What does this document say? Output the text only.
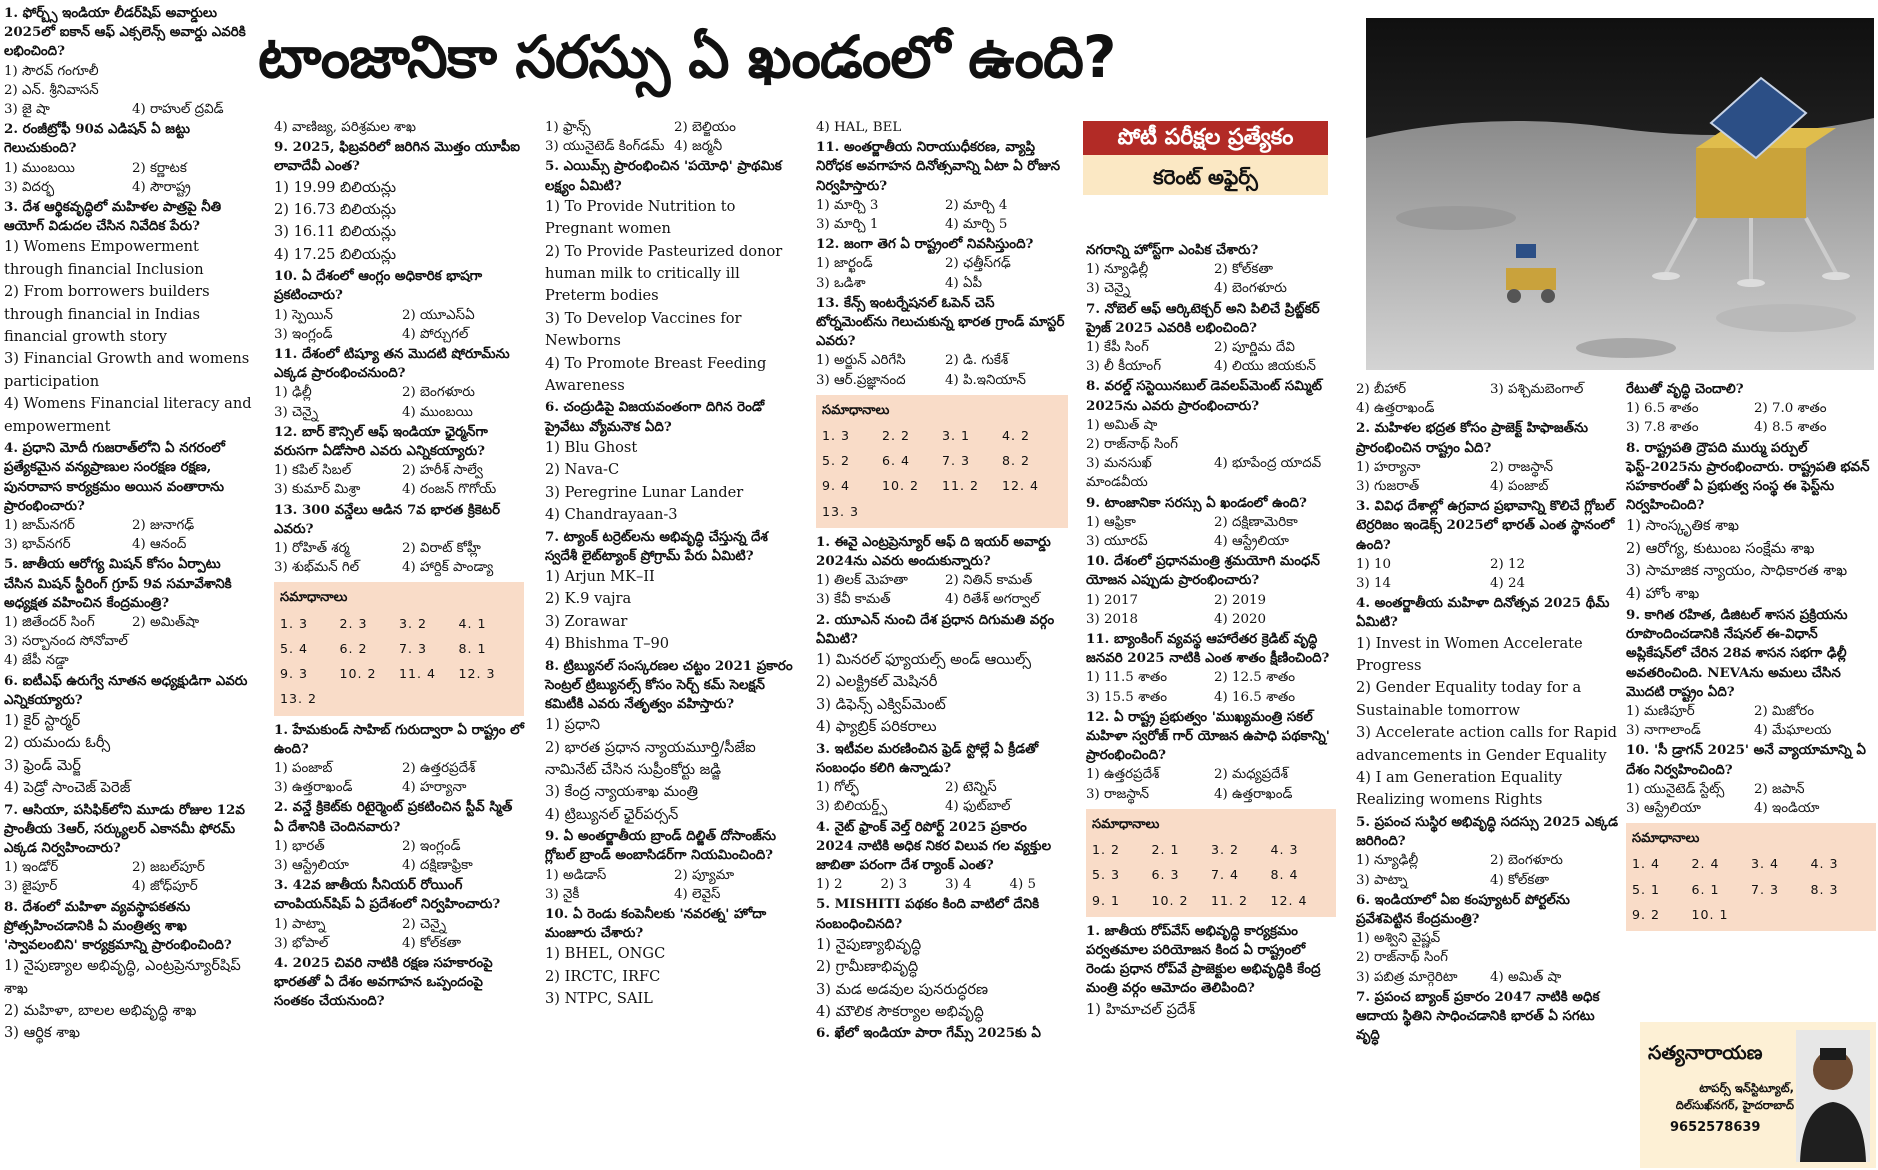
టాంజానికా సరస్సు ఏ ఖండంలో ఉంది?
1. ఫోర్బ్స్ ఇండియా లీడర్‌షిప్ అవార్డులు 2025లో ఐకాన్ ఆఫ్ ఎక్సలెన్స్ అవార్డు ఎవరికి లభించింది?
1) సౌరవ్ గంగూలీ
2) ఎన్. శ్రీనివాసన్
3) జై షా	4) రాహుల్ ద్రవిడ్
2. రంజీట్రోఫీ 90వ ఎడిషన్ ఏ జట్టు గెలుచుకుంది?
1) ముంబయి	2) కర్ణాటక
3) విదర్భ	4) సౌరాష్ట్ర
3. దేశ ఆర్థికవృద్ధిలో మహిళల పాత్రపై నీతి ఆయోగ్ విడుదల చేసిన నివేదిక పేరు?
1) Womens Empowerment through financial Inclusion
2) From borrowers builders through financial in Indias financial growth story
3) Financial Growth and womens participation
4) Womens Financial literacy and empowerment
4. ప్రధాని మోదీ గుజరాత్‌లోని ఏ నగరంలో ప్రత్యేకమైన వన్యప్రాణుల సంరక్షణ రక్షణ, పునరావాస కార్యక్రమం అయిన వంతారాను ప్రారంభించారు?
1) జామ్‌నగర్	2) జునాగఢ్
3) భావ్‌నగర్	4) ఆనంద్
5. జాతీయ ఆరోగ్య మిషన్ కోసం ఏర్పాటు చేసిన మిషన్ స్టీరింగ్ గ్రూప్ 9వ సమావేశానికి అధ్యక్షత వహించిన కేంద్రమంత్రి?
1) జితేందర్ సింగ్	2) అమిత్‌షా
3) సర్బానంద సోనోవాల్
4) జేపీ నడ్డా
6. ఐటీఎఫ్ ఉరుగ్వే నూతన అధ్యక్షుడిగా ఎవరు ఎన్నికయ్యారు?
1) కైర్ స్టార్మర్
2) యమందు ఓర్సీ
3) ఫ్రెండ్ మెర్జ్
4) పెడ్రో సాంచెజ్ పెరెజ్
7. ఆసియా, పసిఫిక్‌లోని మూడు రోజుల 12వ ప్రాంతీయ 3ఆర్, సర్క్యులర్ ఎకానమీ ఫోరమ్ ఎక్కడ నిర్వహించారు?
1) ఇండోర్	2) జబల్‌పూర్
3) జైపూర్	4) జోధ్‌పూర్
8. దేశంలో మహిళా వ్యవస్థాపకతను ప్రోత్సహించడానికి ఏ మంత్రిత్వ శాఖ 'స్వావలంబిని' కార్యక్రమాన్ని ప్రారంభించింది?
1) నైపుణ్యాల అభివృద్ధి, ఎంట్రప్రెన్యూర్‌షిప్ శాఖ
2) మహిళా, బాలల అభివృద్ధి శాఖ
3) ఆర్థిక శాఖ
4) వాణిజ్య, పరిశ్రమల శాఖ
9. 2025, ఫిబ్రవరిలో జరిగిన మొత్తం యూపీఐ లావాదేవీ ఎంత?
1) 19.99 బిలియన్లు
2) 16.73 బిలియన్లు
3) 16.11 బిలియన్లు
4) 17.25 బిలియన్లు
10. ఏ దేశంలో ఆంగ్లం అధికారిక భాషగా ప్రకటించారు?
1) స్పెయిన్	2) యూఎస్ఏ
3) ఇంగ్లండ్	4) పోర్చుగల్
11. దేశంలో టిష్యూ తన మొదటి షోరూమ్‌ను ఎక్కడ ప్రారంభించనుంది?
1) ఢిల్లీ	2) బెంగళూరు
3) చెన్నై	4) ముంబయి
12. బార్ కౌన్సిల్ ఆఫ్ ఇండియా ఛైర్మన్‌గా వరుసగా ఏడోసారి ఎవరు ఎన్నికయ్యారు?
1) కపిల్ సిబల్	2) హరీశ్ సాల్వే
3) కుమార్ మిశ్రా	4) రంజన్ గొగోయ్
13. 300 వన్డేలు ఆడిన 7వ భారత క్రికెటర్ ఎవరు?
1) రోహిత్ శర్మ	2) విరాట్ కోహ్లీ
3) శుభ్‌మన్ గిల్	4) హార్దిక్ పాండ్యా
సమాధానాలు
1. 3	2. 3	3. 2	4. 1
5. 4	6. 2	7. 3	8. 1
9. 3	10. 2	11. 4	12. 3
13. 2
1. హేమకుండ్ సాహిబ్ గురుద్వారా ఏ రాష్ట్రం లో ఉంది?
1) పంజాబ్	2) ఉత్తరప్రదేశ్
3) ఉత్తరాఖండ్	4) హర్యానా
2. వన్డే క్రికెట్‌కు రిటైర్మెంట్ ప్రకటించిన స్టీవ్ స్మిత్ ఏ దేశానికి చెందినవారు?
1) భారత్	2) ఇంగ్లండ్
3) ఆస్ట్రేలియా	4) దక్షిణాఫ్రికా
3. 42వ జాతీయ సీనియర్ రోయింగ్ చాంపియన్‌షిప్ ఏ ప్రదేశంలో నిర్వహించారు?
1) పాట్నా	2) చెన్నై
3) భోపాల్	4) కోల్‌కతా
4. 2025 చివరి నాటికి రక్షణ సహకారంపై భారతతో ఏ దేశం అవగాహన ఒప్పందంపై సంతకం చేయనుంది?
1) ఫ్రాన్స్	2) బెల్జియం
3) యునైటెడ్ కింగ్‌డమ్ 4) జర్మనీ
5. ఎయిమ్స్ ప్రారంభించిన 'పయోధి' ప్రాథమిక లక్ష్యం ఏమిటి?
1) To Provide Nutrition to Pregnant women
2) To Provide Pasteurized donor human milk to critically ill Preterm bodies
3) To Develop Vaccines for Newborns
4) To Promote Breast Feeding Awareness
6. చంద్రుడిపై విజయవంతంగా దిగిన రెండో ప్రైవేటు వ్యోమనౌక ఏది?
1) Blu Ghost
2) Nava-C
3) Peregrine Lunar Lander
4) Chandrayaan-3
7. ట్యాంక్ టర్రెట్‌లను అభివృద్ధి చేస్తున్న దేశ స్వదేశీ లైట్‌ట్యాంక్ ప్రోగ్రామ్ పేరు ఏమిటి?
1) Arjun MK–II
2) K.9 vajra
3) Zorawar
4) Bhishma T–90
8. ట్రిబ్యునల్ సంస్కరణల చట్టం 2021 ప్రకారం సెంట్రల్ ట్రిబ్యునల్స్ కోసం సెర్చ్ కమ్ సెలక్షన్ కమిటీకి ఎవరు నేతృత్వం వహిస్తారు?
1) ప్రధాని
2) భారత ప్రధాన న్యాయమూర్తి/సీజేఐ నామినేట్ చేసిన సుప్రీంకోర్టు జడ్జి
3) కేంద్ర న్యాయశాఖ మంత్రి
4) ట్రిబ్యునల్ ఛైర్‌పర్సన్
9. ఏ అంతర్జాతీయ బ్రాండ్ దిల్జిత్ దోసాంజ్‌ను గ్లోబల్ బ్రాండ్ అంబాసిడర్‌గా నియమించింది?
1) అడిడాస్	2) ప్యూమా
3) నైకీ	4) లెవైస్
10. ఏ రెండు కంపెనీలకు 'నవరత్న' హోదా మంజూరు చేశారు?
1) BHEL, ONGC
2) IRCTC, IRFC
3) NTPC, SAIL
4) HAL, BEL
11. అంతర్జాతీయ నిరాయుధీకరణ, వ్యాప్తి నిరోధక అవగాహన దినోత్సవాన్ని ఏటా ఏ రోజున నిర్వహిస్తారు?
1) మార్చి 3	2) మార్చి 4
3) మార్చి 1	4) మార్చి 5
12. జంగా తెగ ఏ రాష్ట్రంలో నివసిస్తుంది?
1) జార్ఖండ్	2) ఛత్తీస్‌గఢ్
3) ఒడిశా	4) ఏపీ
13. కేన్స్ ఇంటర్నేషనల్ ఓపెన్ చెస్ టోర్నమెంట్‌ను గెలుచుకున్న భారత గ్రాండ్ మాస్టర్ ఎవరు?
1) అర్జున్ ఎరిగేసి	2) డి. గుకేశ్
3) ఆర్.ప్రజ్ఞానంద	4) పి.ఇనియాన్
సమాధానాలు
1. 3	2. 2	3. 1	4. 2
5. 2	6. 4	7. 3	8. 2
9. 4	10. 2	11. 2	12. 4
13. 3
1. ఈవై ఎంట్రప్రెన్యూర్ ఆఫ్ ది ఇయర్ అవార్డు 2024ను ఎవరు అందుకున్నారు?
1) తిలక్ మెహతా	2) నితిన్ కామత్
3) కేవీ కామత్	4) రితేశ్ అగర్వాల్
2. యూఎన్ నుంచి దేశ ప్రధాన దిగుమతి వర్గం ఏమిటి?
1) మినరల్ ఫ్యూయల్స్ అండ్ ఆయిల్స్
2) ఎలక్ట్రికల్ మెషినరీ
3) డిఫెన్స్ ఎక్విప్‌మెంట్
4) ఫ్యాబ్రిక్ పరికరాలు
3. ఇటీవల మరణించిన ఫ్రెడ్ స్టోల్లే ఏ క్రీడతో సంబంధం కలిగి ఉన్నాడు?
1) గోల్ఫ్	2) టెన్నిస్
3) బిలియర్డ్స్	4) ఫుట్‌బాల్
4. నైట్ ఫ్రాంక్ వెల్త్ రిపోర్ట్ 2025 ప్రకారం 2024 నాటికి అధిక నికర విలువ గల వ్యక్తుల జాబితా పరంగా దేశ ర్యాంక్ ఎంత?
1) 2	2) 3	3) 4	4) 5
5. MISHITI పథకం కింది వాటిలో దేనికి సంబంధించినది?
1) నైపుణ్యాభివృద్ధి
2) గ్రామీణాభివృద్ధి
3) మడ అడవుల పునరుద్ధరణ
4) మౌలిక సౌకర్యాల అభివృద్ధి
6. ఖేలో ఇండియా పారా గేమ్స్ 2025కు ఏ
నగరాన్ని హోస్ట్‌గా ఎంపిక చేశారు?
1) న్యూఢిల్లీ	2) కోల్‌కతా
3) చెన్నై	4) బెంగళూరు
7. నోబెల్ ఆఫ్ ఆర్కిటెక్చర్ అని పిలిచే ప్రిట్జ్‌కర్ ప్రైజ్ 2025 ఎవరికి లభించింది?
1) కేపీ సింగ్	2) పూర్ణిమ దేవి
3) లీ కీయాంగ్	4) లియు జియకున్
8. వరల్డ్ సస్టెయినబుల్ డెవలప్‌మెంట్ సమ్మిట్ 2025ను ఎవరు ప్రారంభించారు?
1) అమిత్ షా
2) రాజ్‌నాథ్ సింగ్
3) మనసుఖ్ మాండవీయ
4) భూపేంద్ర యాదవ్
9. టాంజానికా సరస్సు ఏ ఖండంలో ఉంది?
1) ఆఫ్రికా	2) దక్షిణామెరికా
3) యూరప్	4) ఆస్ట్రేలియా
10. దేశంలో ప్రధానమంత్రి శ్రమయోగి మంధన్ యోజన ఎప్పుడు ప్రారంభించారు?
1) 2017	2) 2019
3) 2018	4) 2020
11. బ్యాంకింగ్ వ్యవస్థ ఆహారేతర క్రెడిట్ వృద్ధి జనవరి 2025 నాటికి ఎంత శాతం క్షీణించింది?
1) 11.5 శాతం	2) 12.5 శాతం
3) 15.5 శాతం	4) 16.5 శాతం
12. ఏ రాష్ట్ర ప్రభుత్వం 'ముఖ్యమంత్రి సకల్ మహిళా స్వరోజ్ గార్ యోజన ఉపాధి పథకాన్ని' ప్రారంభించింది?
1) ఉత్తరప్రదేశ్	2) మధ్యప్రదేశ్
3) రాజస్థాన్	4) ఉత్తరాఖండ్
సమాధానాలు
1. 2	2. 1	3. 2	4. 3
5. 3	6. 3	7. 4	8. 4
9. 1	10. 2	11. 2	12. 4
1. జాతీయ రోప్‌వేస్ అభివృద్ధి కార్యక్రమం పర్వతమాల పరియోజన కింద ఏ రాష్ట్రంలో రెండు ప్రధాన రోప్‌వే ప్రాజెక్టుల అభివృద్ధికి కేంద్ర మంత్రి వర్గం ఆమోదం తెలిపింది?
1) హిమాచల్ ప్రదేశ్
2) బీహార్	3) పశ్చిమబెంగాల్
4) ఉత్తరాఖండ్
2. మహిళల భద్రత కోసం ప్రాజెక్ట్ హిఫాజత్‌ను ప్రారంభించిన రాష్ట్రం ఏది?
1) హర్యానా	2) రాజస్థాన్
3) గుజరాత్	4) పంజాబ్
3. వివిధ దేశాల్లో ఉగ్రవాద ప్రభావాన్ని కొలిచే గ్లోబల్ టెర్రరిజం ఇండెక్స్ 2025లో భారత్ ఎంత స్థానంలో ఉంది?
1) 10	2) 12
3) 14	4) 24
4. అంతర్జాతీయ మహిళా దినోత్సవ 2025 థీమ్ ఏమిటి?
1) Invest in Women Accelerate Progress
2) Gender Equality today for a Sustainable tomorrow
3) Accelerate action calls for Rapid advancements in Gender Equality
4) I am Generation Equality Realizing womens Rights
5. ప్రపంచ సుస్థిర అభివృద్ధి సదస్సు 2025 ఎక్కడ జరిగింది?
1) న్యూఢిల్లీ	2) బెంగళూరు
3) పాట్నా	4) కోల్‌కతా
6. ఇండియాలో ఏఐ కంప్యూటర్ పోర్టల్‌ను ప్రవేశపెట్టిన కేంద్రమంత్రి?
1) అశ్విని వైష్ణవ్
2) రాజ్‌నాథ్ సింగ్
3) పబిత్ర మార్గెరిటా	4) అమిత్ షా
7. ప్రపంచ బ్యాంక్ ప్రకారం 2047 నాటికి అధిక ఆదాయ స్థితిని సాధించడానికి భారత్ ఏ సగటు వృద్ధి
రేటుతో వృద్ధి చెందాలి?
1) 6.5 శాతం	2) 7.0 శాతం
3) 7.8 శాతం	4) 8.5 శాతం
8. రాష్ట్రపతి ద్రౌపది ముర్ము పర్పుల్ ఫెస్ట్-2025ను ప్రారంభించారు. రాష్ట్రపతి భవన్ సహకారంతో ఏ ప్రభుత్వ సంస్థ ఈ ఫెస్ట్‌ను నిర్వహించింది?
1) సాంస్కృతిక శాఖ
2) ఆరోగ్య, కుటుంబ సంక్షేమ శాఖ
3) సామాజిక న్యాయం, సాధికారత శాఖ
4) హోం శాఖ
9. కాగిత రహిత, డిజిటల్ శాసన ప్రక్రియను రూపొందించడానికి నేషనల్ ఈ-విధాన్ అప్లికేషన్‌లో చేరిన 28వ శాసన సభగా ఢిల్లీ అవతరించింది. NEVAను అమలు చేసిన మొదటి రాష్ట్రం ఏది?
1) మణిపూర్	2) మిజోరం
3) నాగాలాండ్	4) మేఘాలయ
10. 'సీ డ్రాగన్ 2025' అనే వ్యాయామాన్ని ఏ దేశం నిర్వహించింది?
1) యునైటెడ్ స్టేట్స్	2) జపాన్
3) ఆస్ట్రేలియా	4) ఇండియా
సమాధానాలు
1. 4	2. 4	3. 4	4. 3
5. 1	6. 1	7. 3	8. 3
9. 2	10. 1
పోటీ పరీక్షల ప్రత్యేకం
కరెంట్ అఫైర్స్
సత్యనారాయణ
టాపర్స్ ఇన్‌స్టిట్యూట్, దిల్‌సుఖ్‌నగర్, హైదరాబాద్
9652578639
